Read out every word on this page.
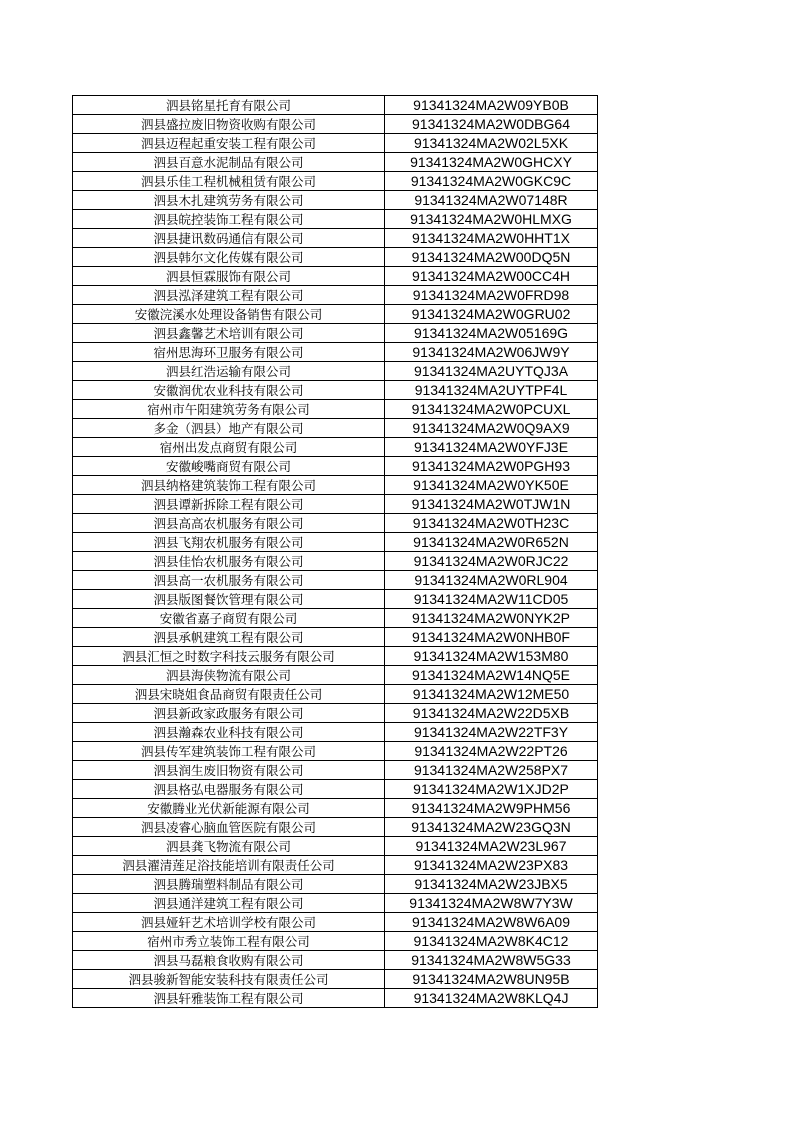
泗县铭星托育有限公司	91341324MA2W09YB0B
泗县盛拉废旧物资收购有限公司	91341324MA2W0DBG64
泗县迈程起重安装工程有限公司	91341324MA2W02L5XK
泗县百意水泥制品有限公司	91341324MA2W0GHCXY
泗县乐佳工程机械租赁有限公司	91341324MA2W0GKC9C
泗县木扎建筑劳务有限公司	91341324MA2W07148R
泗县皖控装饰工程有限公司	91341324MA2W0HLMXG
泗县捷讯数码通信有限公司	91341324MA2W0HHT1X
泗县韩尔文化传媒有限公司	91341324MA2W00DQ5N
泗县恒霖服饰有限公司	91341324MA2W00CC4H
泗县泓泽建筑工程有限公司	91341324MA2W0FRD98
安徽浣溪水处理设备销售有限公司	91341324MA2W0GRU02
泗县鑫馨艺术培训有限公司	91341324MA2W05169G
宿州思海环卫服务有限公司	91341324MA2W06JW9Y
泗县红浩运输有限公司	91341324MA2UYTQJ3A
安徽润优农业科技有限公司	91341324MA2UYTPF4L
宿州市午阳建筑劳务有限公司	91341324MA2W0PCUXL
多金（泗县）地产有限公司	91341324MA2W0Q9AX9
宿州出发点商贸有限公司	91341324MA2W0YFJ3E
安徽峻嘴商贸有限公司	91341324MA2W0PGH93
泗县纳格建筑装饰工程有限公司	91341324MA2W0YK50E
泗县谭新拆除工程有限公司	91341324MA2W0TJW1N
泗县高高农机服务有限公司	91341324MA2W0TH23C
泗县飞翔农机服务有限公司	91341324MA2W0R652N
泗县佳怡农机服务有限公司	91341324MA2W0RJC22
泗县高一农机服务有限公司	91341324MA2W0RL904
泗县版图餐饮管理有限公司	91341324MA2W11CD05
安徽省嘉子商贸有限公司	91341324MA2W0NYK2P
泗县承帆建筑工程有限公司	91341324MA2W0NHB0F
泗县汇恒之时数字科技云服务有限公司	91341324MA2W153M80
泗县海侠物流有限公司	91341324MA2W14NQ5E
泗县宋晓姐食品商贸有限责任公司	91341324MA2W12ME50
泗县新政家政服务有限公司	91341324MA2W22D5XB
泗县瀚森农业科技有限公司	91341324MA2W22TF3Y
泗县传军建筑装饰工程有限公司	91341324MA2W22PT26
泗县润生废旧物资有限公司	91341324MA2W258PX7
泗县格弘电器服务有限公司	91341324MA2W1XJD2P
安徽腾业光伏新能源有限公司	91341324MA2W9PHM56
泗县凌睿心脑血管医院有限公司	91341324MA2W23GQ3N
泗县龚飞物流有限公司	91341324MA2W23L967
泗县濯清莲足浴技能培训有限责任公司	91341324MA2W23PX83
泗县腾瑞塑料制品有限公司	91341324MA2W23JBX5
泗县通洋建筑工程有限公司	91341324MA2W8W7Y3W
泗县娅轩艺术培训学校有限公司	91341324MA2W8W6A09
宿州市秀立装饰工程有限公司	91341324MA2W8K4C12
泗县马磊粮食收购有限公司	91341324MA2W8W5G33
泗县骏新智能安装科技有限责任公司	91341324MA2W8UN95B
泗县轩雅装饰工程有限公司	91341324MA2W8KLQ4J
